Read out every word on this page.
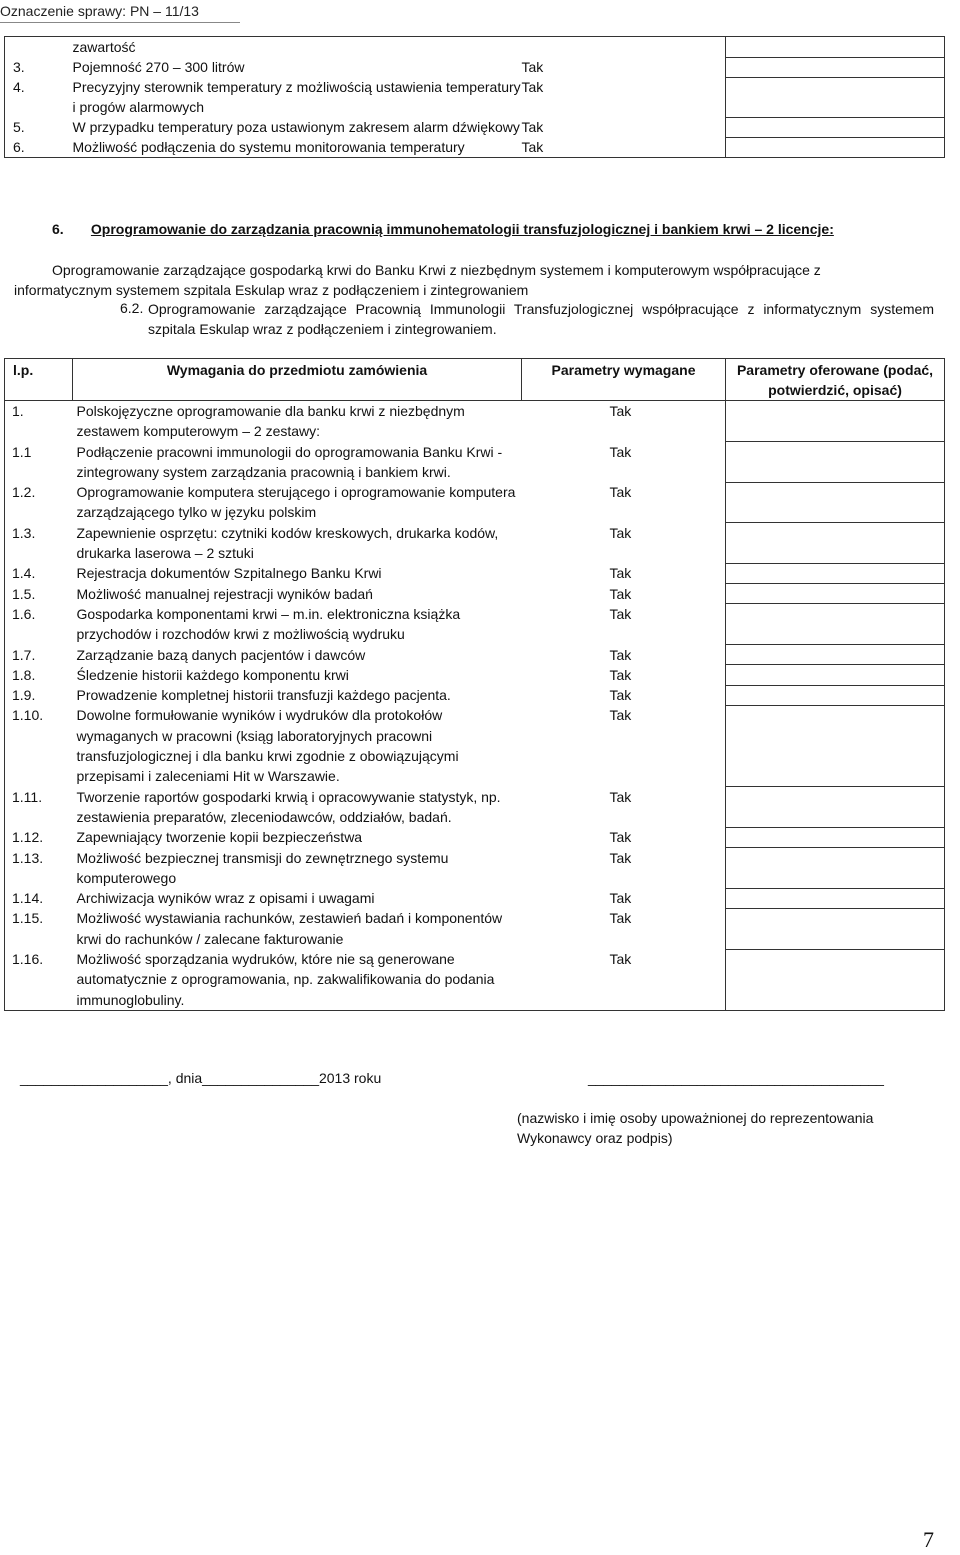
Oznaczenie sprawy: PN – 11/13
	zawartość		
3.	Pojemność 270 – 300 litrów	Tak	
4.	Precyzyjny sterownik temperatury z możliwością ustawienia temperatury i progów alarmowych	Tak	
5.	W przypadku temperatury poza ustawionym zakresem alarm dźwiękowy	Tak	
6.	Możliwość podłączenia do systemu monitorowania temperatury	Tak	
6. Oprogramowanie do zarządzania pracownią immunohematologii transfuzjologicznej i bankiem krwi – 2 licencje:
Oprogramowanie zarządzające gospodarką krwi do Banku Krwi z niezbędnym systemem i komputerowym współpracujące z
informatycznym systemem szpitala Eskulap wraz z podłączeniem i zintegrowaniem
6.2. Oprogramowanie zarządzające Pracownią Immunologii Transfuzjologicznej współpracujące z informatycznym systemem szpitala Eskulap wraz z podłączeniem i zintegrowaniem.
l.p.	Wymagania do przedmiotu zamówienia	Parametry wymagane	Parametry oferowane (podać, potwierdzić, opisać)
1.	Polskojęzyczne oprogramowanie dla banku krwi z niezbędnym zestawem komputerowym – 2 zestawy:	Tak	
1.1	Podłączenie pracowni immunologii do oprogramowania Banku Krwi -zintegrowany system zarządzania pracownią i bankiem krwi.	Tak	
1.2.	Oprogramowanie komputera sterującego i oprogramowanie komputera zarządzającego tylko w języku polskim	Tak	
1.3.	Zapewnienie osprzętu: czytniki kodów kreskowych, drukarka kodów, drukarka laserowa – 2 sztuki	Tak	
1.4.	Rejestracja dokumentów Szpitalnego Banku Krwi	Tak	
1.5.	Możliwość manualnej rejestracji wyników badań	Tak	
1.6.	Gospodarka komponentami krwi – m.in. elektroniczna książka przychodów i rozchodów krwi z możliwością wydruku	Tak	
1.7.	Zarządzanie bazą danych pacjentów i dawców	Tak	
1.8.	Śledzenie historii każdego komponentu krwi	Tak	
1.9.	Prowadzenie kompletnej historii transfuzji każdego pacjenta.	Tak	
1.10.	Dowolne formułowanie wyników i wydruków dla protokołów wymaganych w pracowni (ksiąg laboratoryjnych pracowni transfuzjologicznej i dla banku krwi zgodnie z obowiązującymi przepisami i zaleceniami Hit w Warszawie.	Tak	
1.11.	Tworzenie raportów gospodarki krwią i opracowywanie statystyk, np. zestawienia preparatów, zleceniodawców, oddziałów, badań.	Tak	
1.12.	Zapewniający tworzenie kopii bezpieczeństwa	Tak	
1.13.	Możliwość bezpiecznej transmisji do zewnętrznego systemu komputerowego	Tak	
1.14.	Archiwizacja wyników wraz z opisami i uwagami	Tak	
1.15.	Możliwość wystawiania rachunków, zestawień badań i komponentów krwi do rachunków / zalecane fakturowanie	Tak	
1.16.	Możliwość sporządzania wydruków, które nie są generowane automatycznie z oprogramowania, np. zakwalifikowania do podania immunoglobuliny.	Tak	
___________________, dnia_______________2013 roku	______________________________________
(nazwisko i imię osoby upoważnionej do reprezentowania
Wykonawcy oraz podpis)
7
